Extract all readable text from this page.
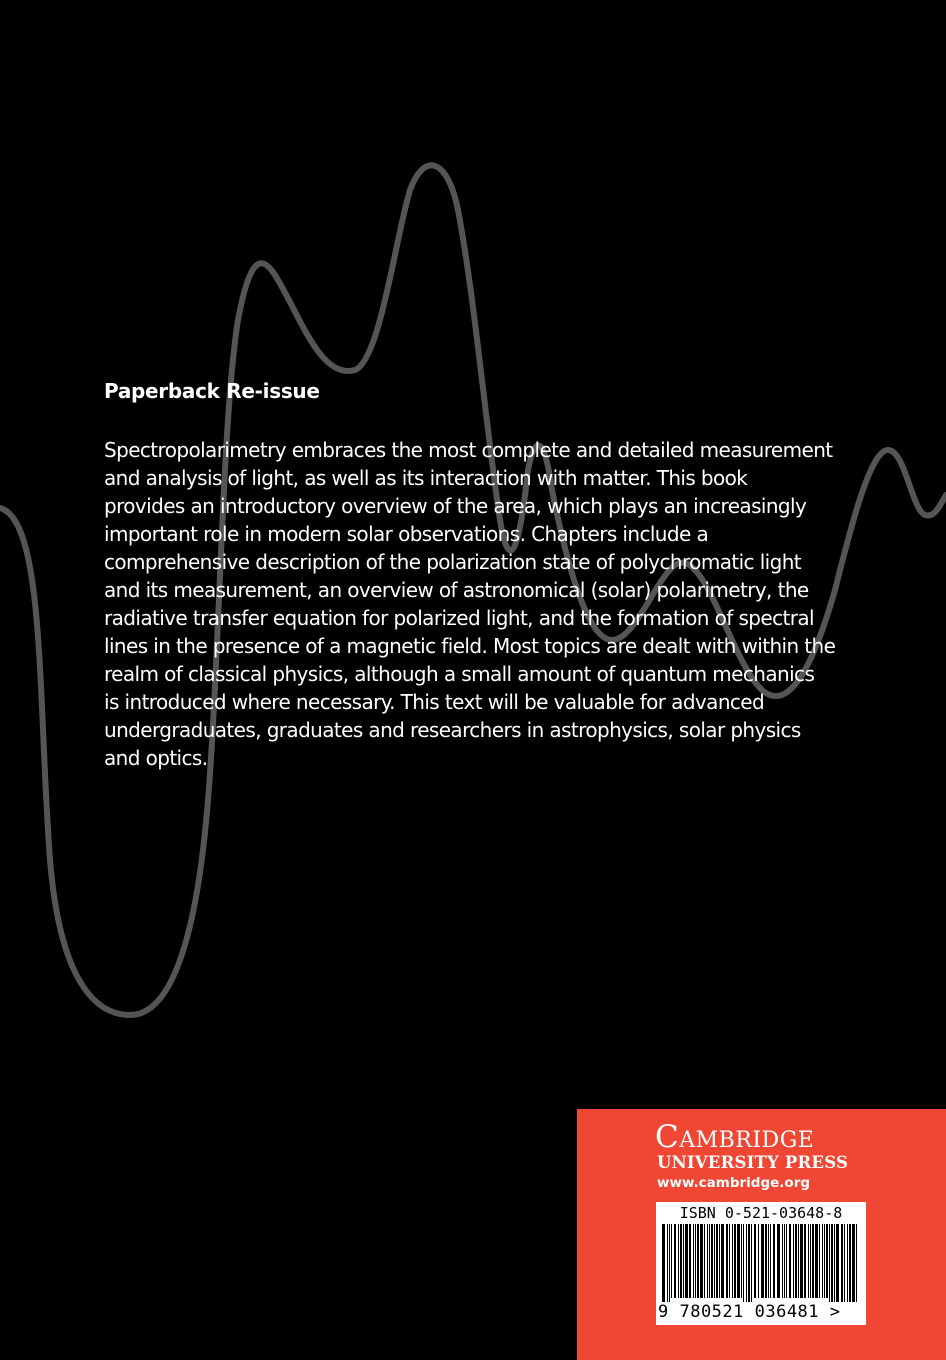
Paperback Re-issue
Spectropolarimetry embraces the most complete and detailed measurement
and analysis of light, as well as its interaction with matter. This book
provides an introductory overview of the area, which plays an increasingly
important role in modern solar observations. Chapters include a
comprehensive description of the polarization state of polychromatic light
and its measurement, an overview of astronomical (solar) polarimetry, the
radiative transfer equation for polarized light, and the formation of spectral
lines in the presence of a magnetic field. Most topics are dealt with within the
realm of classical physics, although a small amount of quantum mechanics
is introduced where necessary. This text will be valuable for advanced
undergraduates, graduates and researchers in astrophysics, solar physics
and optics.
Cambridge
UNIVERSITY PRESS
www.cambridge.org
ISBN 0-521-03648-8
9 780521 036481 >
